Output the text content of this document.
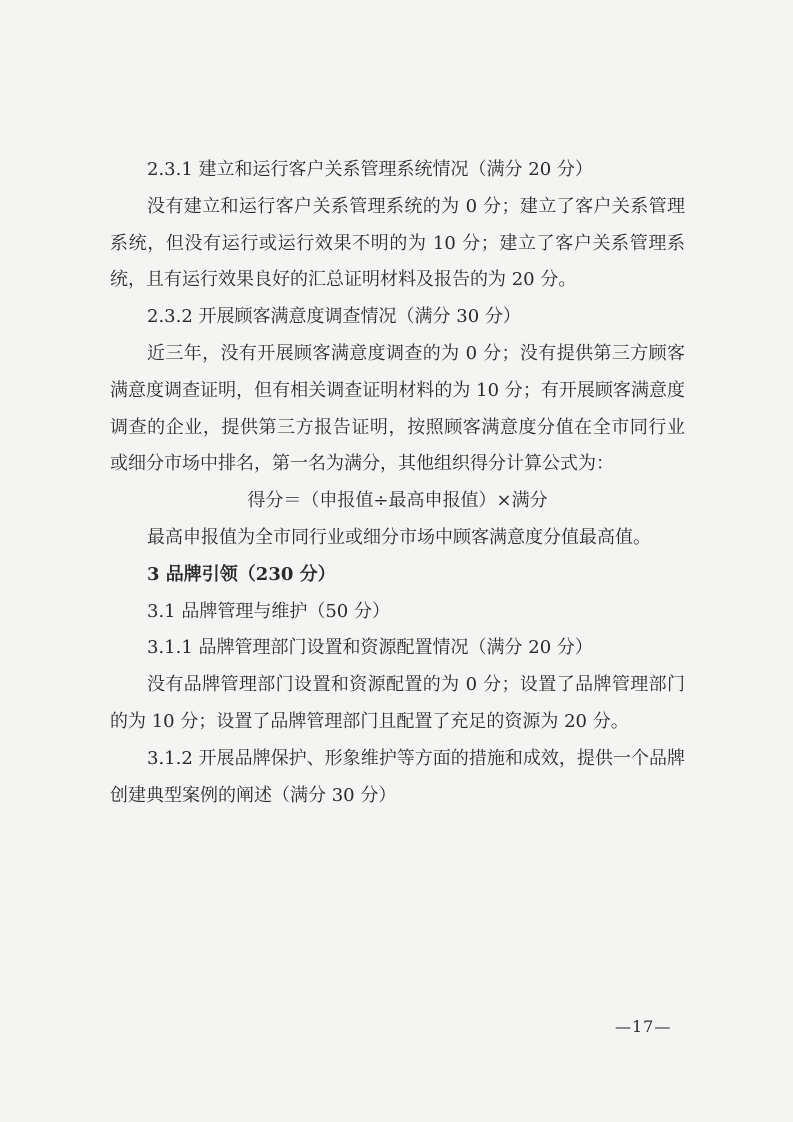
2.3.1 建立和运行客户关系管理系统情况（满分 20 分）

没有建立和运行客户关系管理系统的为 0 分；建立了客户关系管理系统，但没有运行或运行效果不明的为 10 分；建立了客户关系管理系统，且有运行效果良好的汇总证明材料及报告的为 20 分。

2.3.2 开展顾客满意度调查情况（满分 30 分）

近三年，没有开展顾客满意度调查的为 0 分；没有提供第三方顾客满意度调查证明，但有相关调查证明材料的为 10 分；有开展顾客满意度调查的企业，提供第三方报告证明，按照顾客满意度分值在全市同行业或细分市场中排名，第一名为满分，其他组织得分计算公式为：

得分＝（申报值÷最高申报值）×满分

最高申报值为全市同行业或细分市场中顾客满意度分值最高值。

3 品牌引领（230 分）

3.1 品牌管理与维护（50 分）

3.1.1 品牌管理部门设置和资源配置情况（满分 20 分）

没有品牌管理部门设置和资源配置的为 0 分；设置了品牌管理部门的为 10 分；设置了品牌管理部门且配置了充足的资源为 20 分。

3.1.2 开展品牌保护、形象维护等方面的措施和成效，提供一个品牌创建典型案例的阐述（满分 30 分）

—17—
